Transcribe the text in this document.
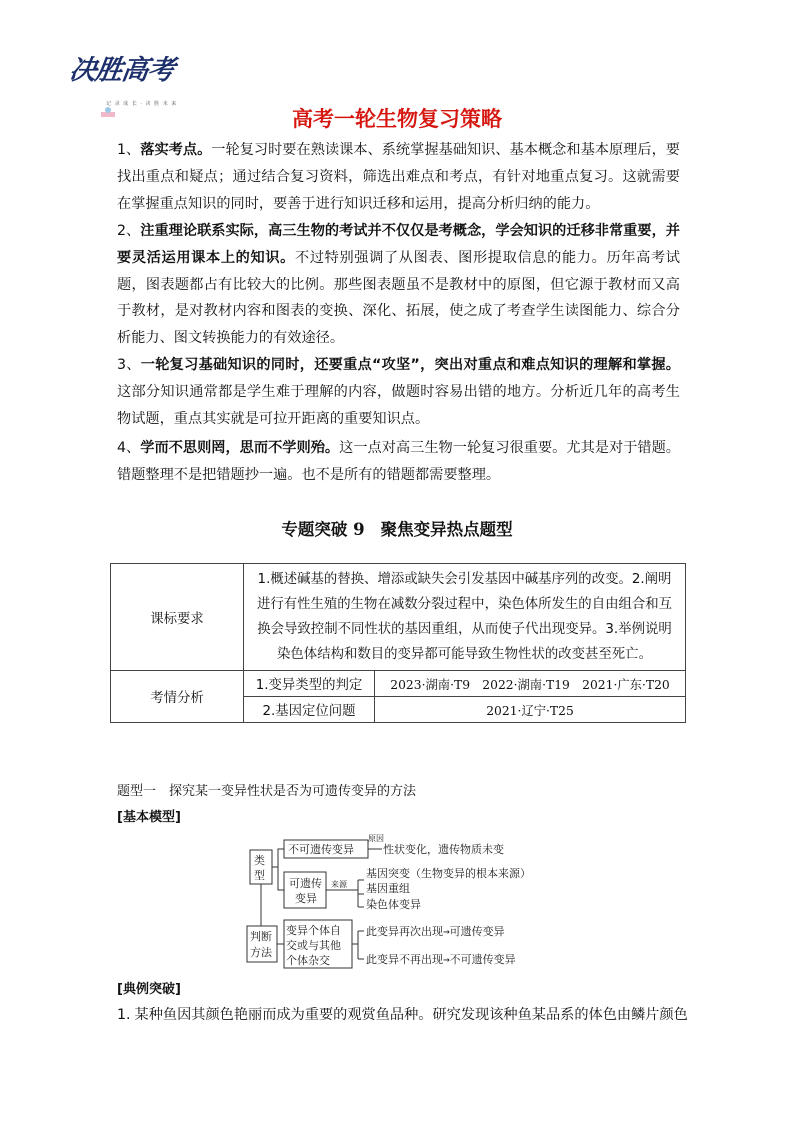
决胜高考
记 录 成 长 · 决 胜 未 来
高考一轮生物复习策略
1、落实考点。一轮复习时要在熟读课本、系统掌握基础知识、基本概念和基本原理后，要找出重点和疑点；通过结合复习资料，筛选出难点和考点，有针对地重点复习。这就需要在掌握重点知识的同时，要善于进行知识迁移和运用，提高分析归纳的能力。
2、注重理论联系实际，高三生物的考试并不仅仅是考概念，学会知识的迁移非常重要，并要灵活运用课本上的知识。不过特别强调了从图表、图形提取信息的能力。历年高考试题，图表题都占有比较大的比例。那些图表题虽不是教材中的原图，但它源于教材而又高于教材，是对教材内容和图表的变换、深化、拓展，使之成了考查学生读图能力、综合分析能力、图文转换能力的有效途径。
3、一轮复习基础知识的同时，还要重点“攻坚”，突出对重点和难点知识的理解和掌握。这部分知识通常都是学生难于理解的内容，做题时容易出错的地方。分析近几年的高考生物试题，重点其实就是可拉开距离的重要知识点。
4、学而不思则罔，思而不学则殆。这一点对高三生物一轮复习很重要。尤其是对于错题。错题整理不是把错题抄一遍。也不是所有的错题都需要整理。
专题突破 9 聚焦变异热点题型
课标要求	1.概述碱基的替换、增添或缺失会引发基因中碱基序列的改变。2.阐明进行有性生殖的生物在减数分裂过程中，染色体所发生的自由组合和互换会导致控制不同性状的基因重组，从而使子代出现变异。3.举例说明染色体结构和数目的变异都可能导致生物性状的改变甚至死亡。	
考情分析	1.变异类型的判定	2023·湖南·T9　2022·湖南·T19　2021·广东·T20
	2.基因定位问题	2021·辽宁·T25
题型一　探究某一变异性状是否为可遗传变异的方法
[基本模型]
类
型
判断
方法
不可遗传变异
可遗传
变异
变异个体自
交或与其他
个体杂交
性状变化，遗传物质未变
基因突变（生物变异的根本来源）
基因重组
染色体变异
此变异再次出现→可遗传变异
此变异不再出现→不可遗传变异
原因
来源
[典例突破]
1. 某种鱼因其颜色艳丽而成为重要的观赏鱼品种。研究发现该种鱼某品系的体色由鳞片颜色
